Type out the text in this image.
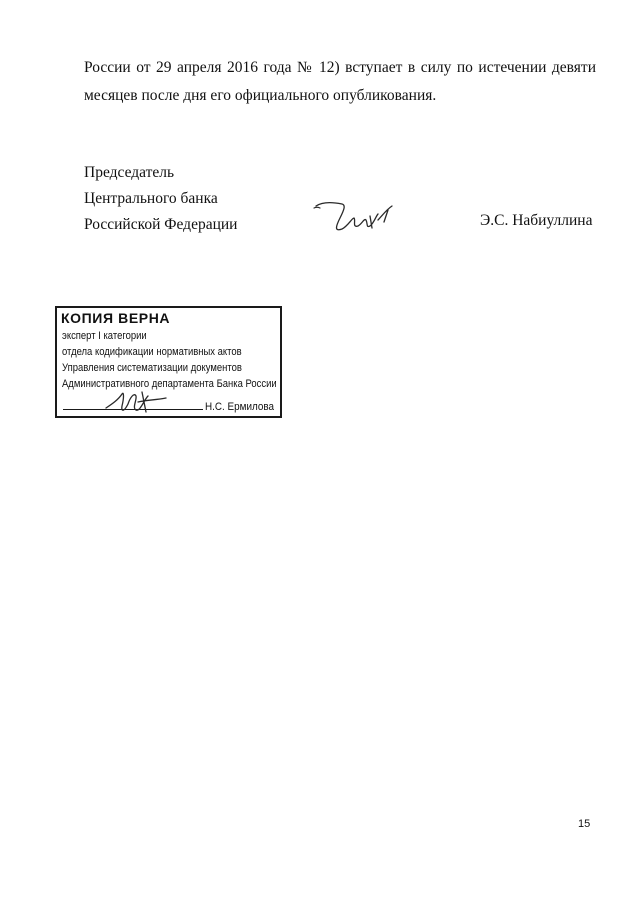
России от 29 апреля 2016 года № 12) вступает в силу по истечении девяти
месяцев после дня его официального опубликования.
Председатель
Центрального банка
Российской Федерации	Э.С. Набиуллина
КОПИЯ ВЕРНА
эксперт I категории
отдела кодификации нормативных актов
Управления систематизации документов
Административного департамента Банка России
Н.С. Ермилова
15
